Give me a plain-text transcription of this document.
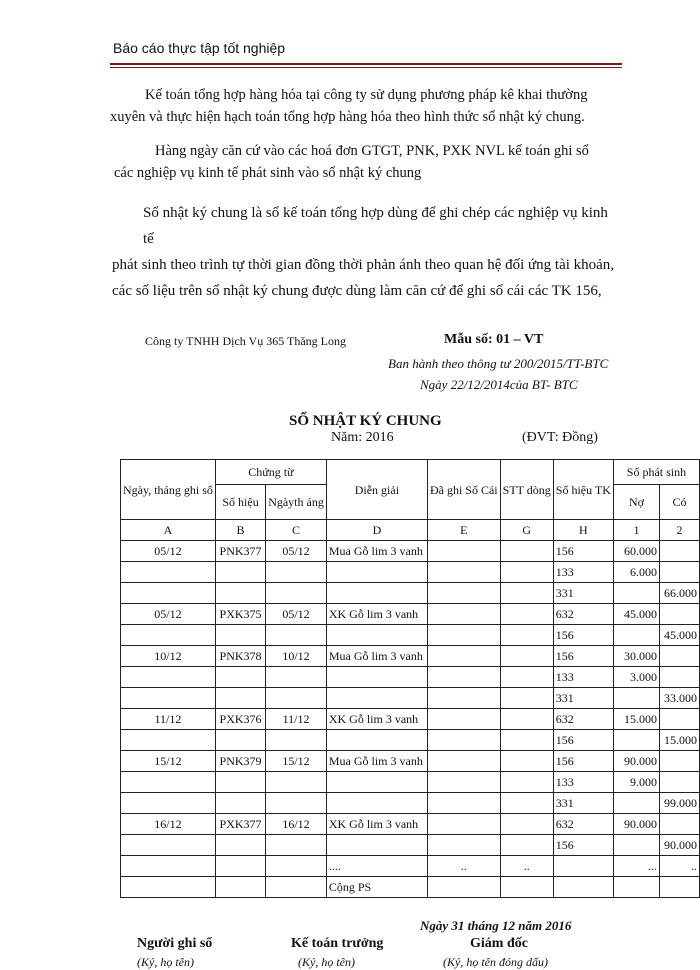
Báo cáo thực tập tốt nghiệp
Kế toán tổng hợp hàng hóa tại công ty sử dụng phương pháp kê khai thường
xuyên và thực hiện hạch toán tổng hợp hàng hóa theo hình thức sổ nhật ký chung.
Hàng ngày căn cứ vào các hoá đơn GTGT, PNK, PXK NVL kế toán ghi sổ
các nghiệp vụ kinh tế phát sinh vào sổ nhật ký chung
Sổ nhật ký chung là sổ kế toán tổng hợp dùng để ghi chép các nghiệp vụ kinh tế
phát sinh theo trình tự thời gian đồng thời phản ánh theo quan hệ đối ứng tài khoản,
các số liệu trên sổ nhật ký chung được dùng làm căn cứ để ghi sổ cái các TK 156,
Công ty TNHH Dịch Vụ 365 Thăng Long	Mẫu số: 01 – VT
Ban hành theo thông tư 200/2015/TT-BTC
Ngày 22/12/2014của BT- BTC
SỔ NHẬT KÝ CHUNG
Năm: 2016	(ĐVT: Đồng)
Ngày, tháng ghi sổ	Chứng từ		Diễn giải	Đã ghi Sổ Cái	STT dòng	Số hiệu TK	Số phát sinh	
	Số hiệu	Ngàyth áng					Nợ	Có
A	B	C	D	E	G	H	1	2
05/12	PNK377	05/12	Mua Gỗ lim 3 vanh			156	60.000	
						133	6.000	
						331		66.000
05/12	PXK375	05/12	XK Gỗ lim 3 vanh			632	45.000	
						156		45.000
10/12	PNK378	10/12	Mua Gỗ lim 3 vanh			156	30.000	
						133	3.000	
						331		33.000
11/12	PXK376	11/12	XK Gỗ lim 3 vanh			632	15.000	
						156		15.000
15/12	PNK379	15/12	Mua Gỗ lim 3 vanh			156	90.000	
						133	9.000	
						331		99.000
16/12	PXK377	16/12	XK Gỗ lim 3 vanh			632	90.000	
						156		90.000
			....	..	..		...	..
			Cộng PS					
Ngày 31 tháng 12 năm 2016
Người ghi sổ	Kế toán trưởng	Giám đốc
(Ký, họ tên)	(Ký, họ tên)	(Ký, họ tên đóng dấu)
